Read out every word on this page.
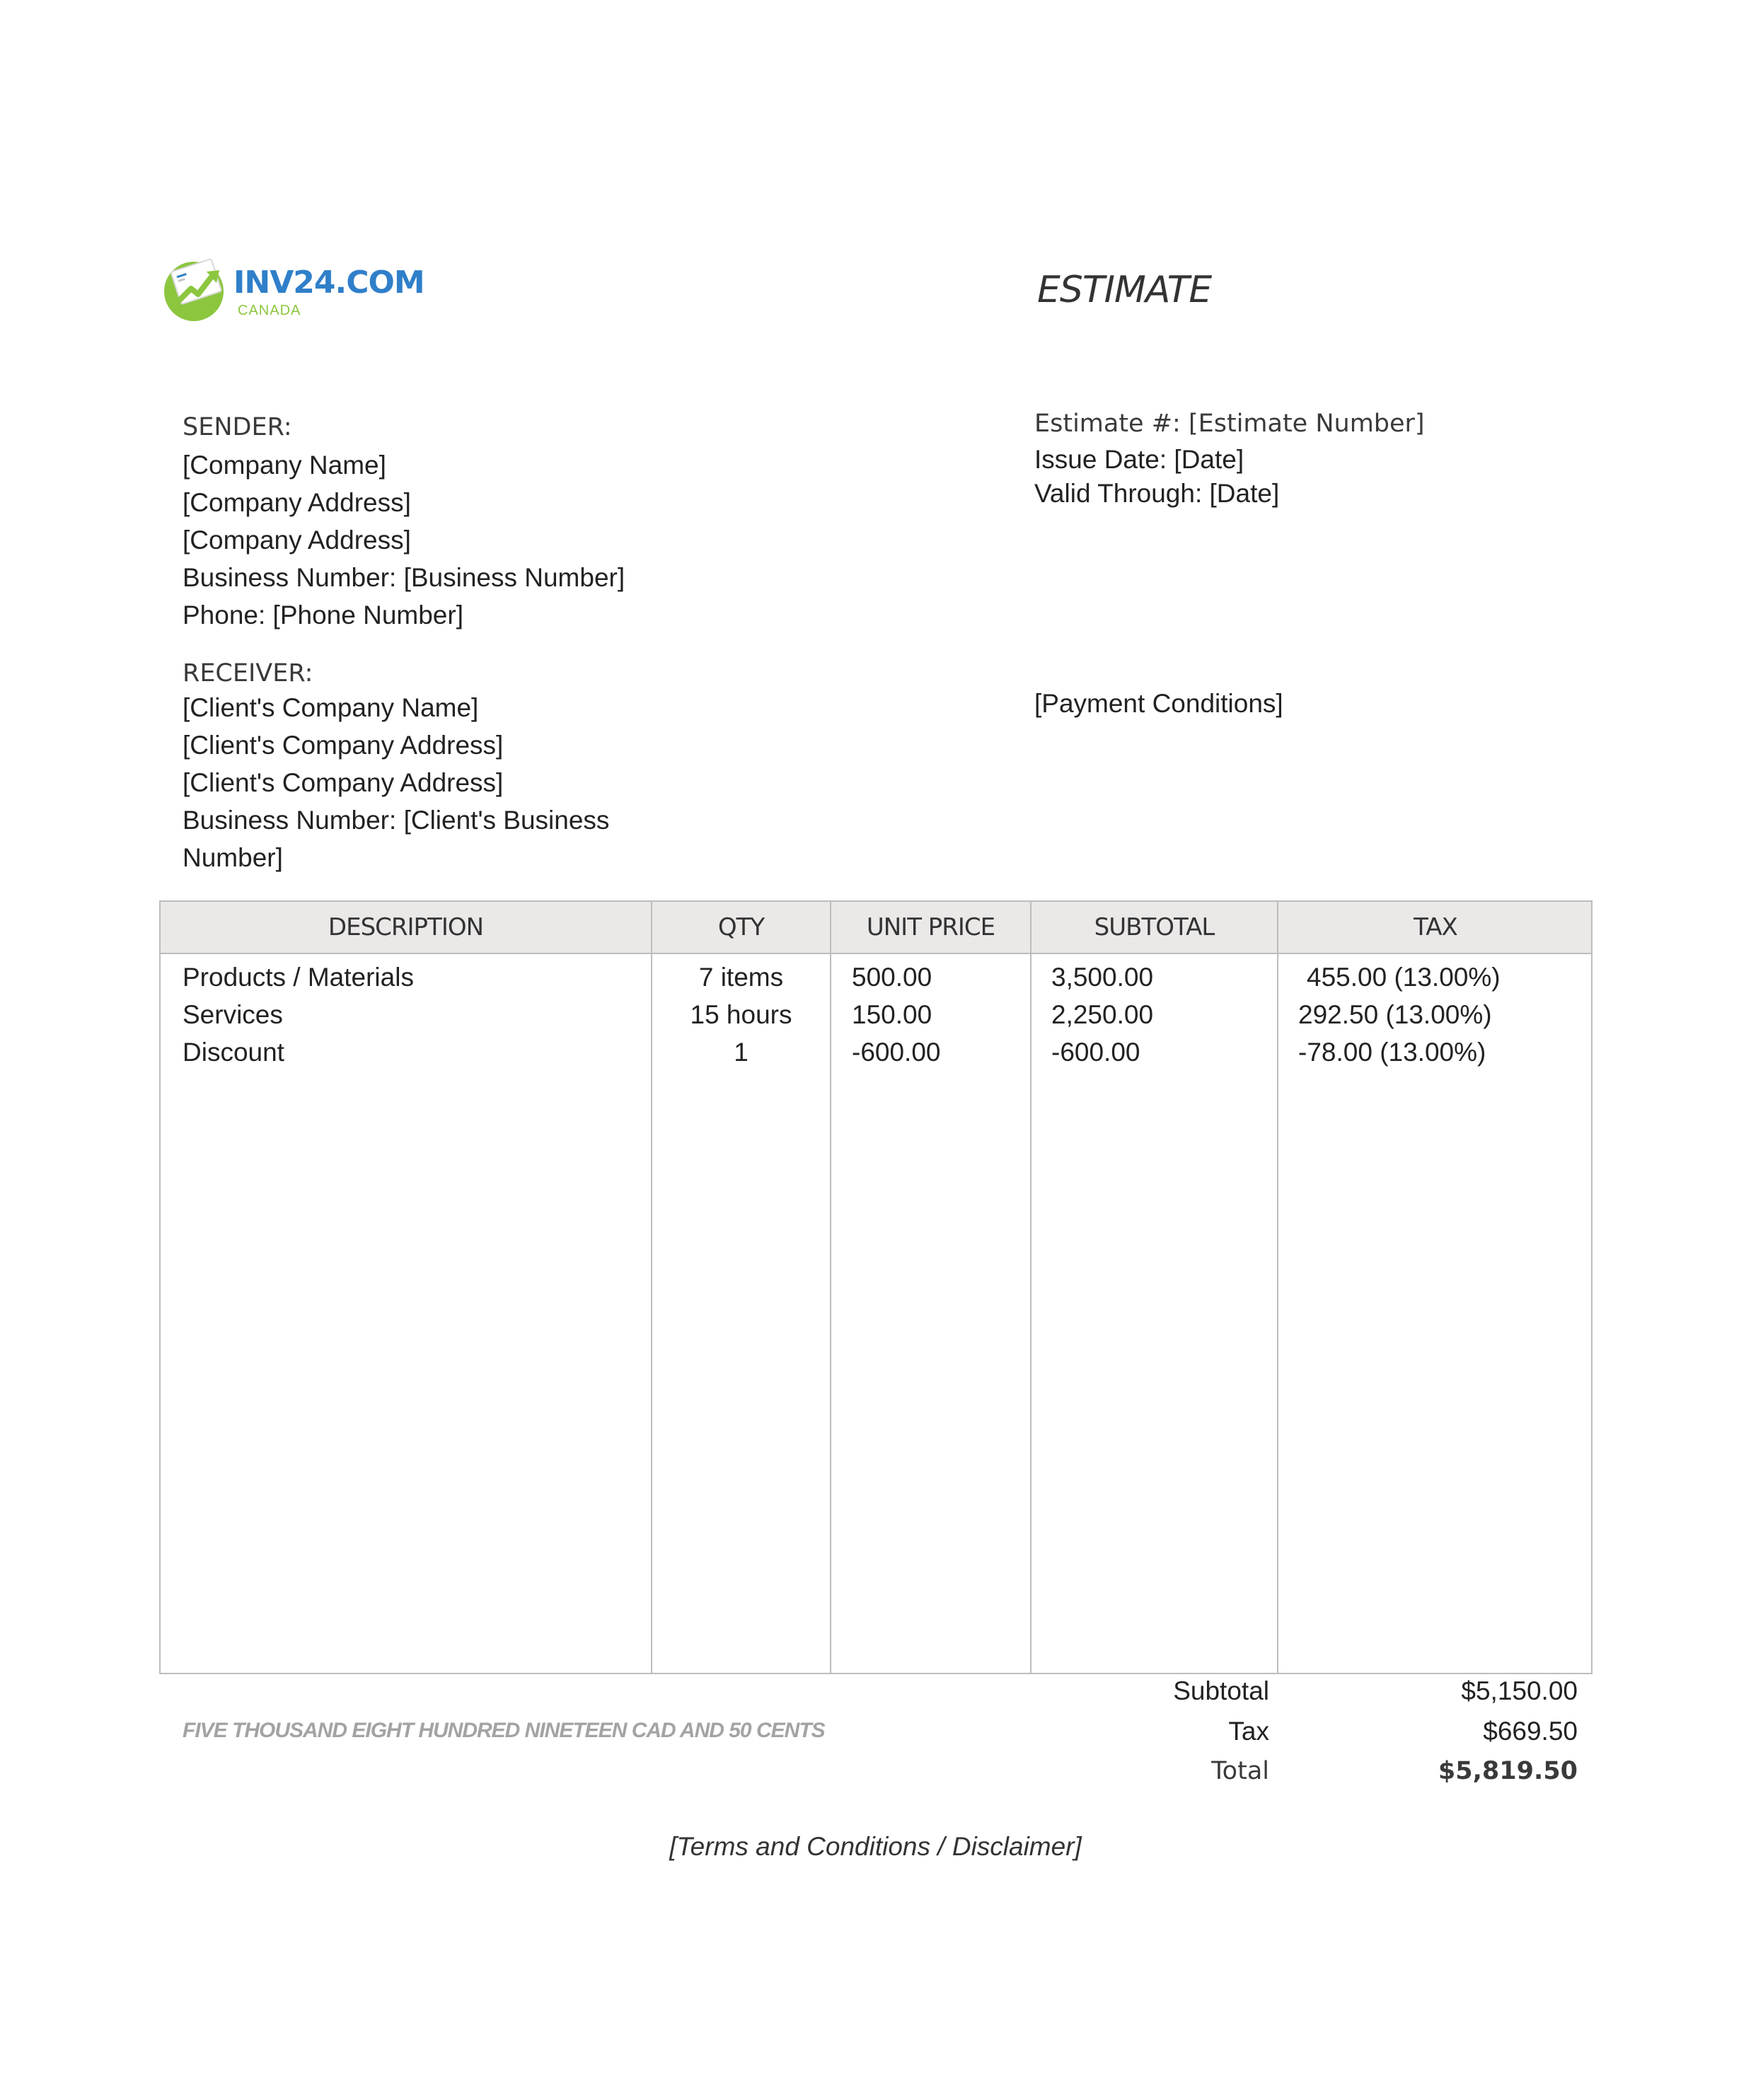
INV24.COM
CANADA	ESTIMATE
SENDER:
[Company Name]
[Company Address]
[Company Address]
Business Number: [Business Number]
Phone: [Phone Number]
RECEIVER:
[Client's Company Name]
[Client's Company Address]
[Client's Company Address]
Business Number: [Client's Business
Number]
Estimate #: [Estimate Number]
Issue Date: [Date]
Valid Through: [Date]
[Payment Conditions]
DESCRIPTION	QTY	UNIT PRICE	SUBTOTAL	TAX
Products / Materials	7 items	500.00	3,500.00	455.00 (13.00%)
Services	15 hours	150.00	2,250.00	292.50 (13.00%)
Discount	1	-600.00	-600.00	-78.00 (13.00%)
Subtotal	$5,150.00
Tax	$669.50
Total	$5,819.50
FIVE THOUSAND EIGHT HUNDRED NINETEEN CAD AND 50 CENTS
[Terms and Conditions / Disclaimer]
